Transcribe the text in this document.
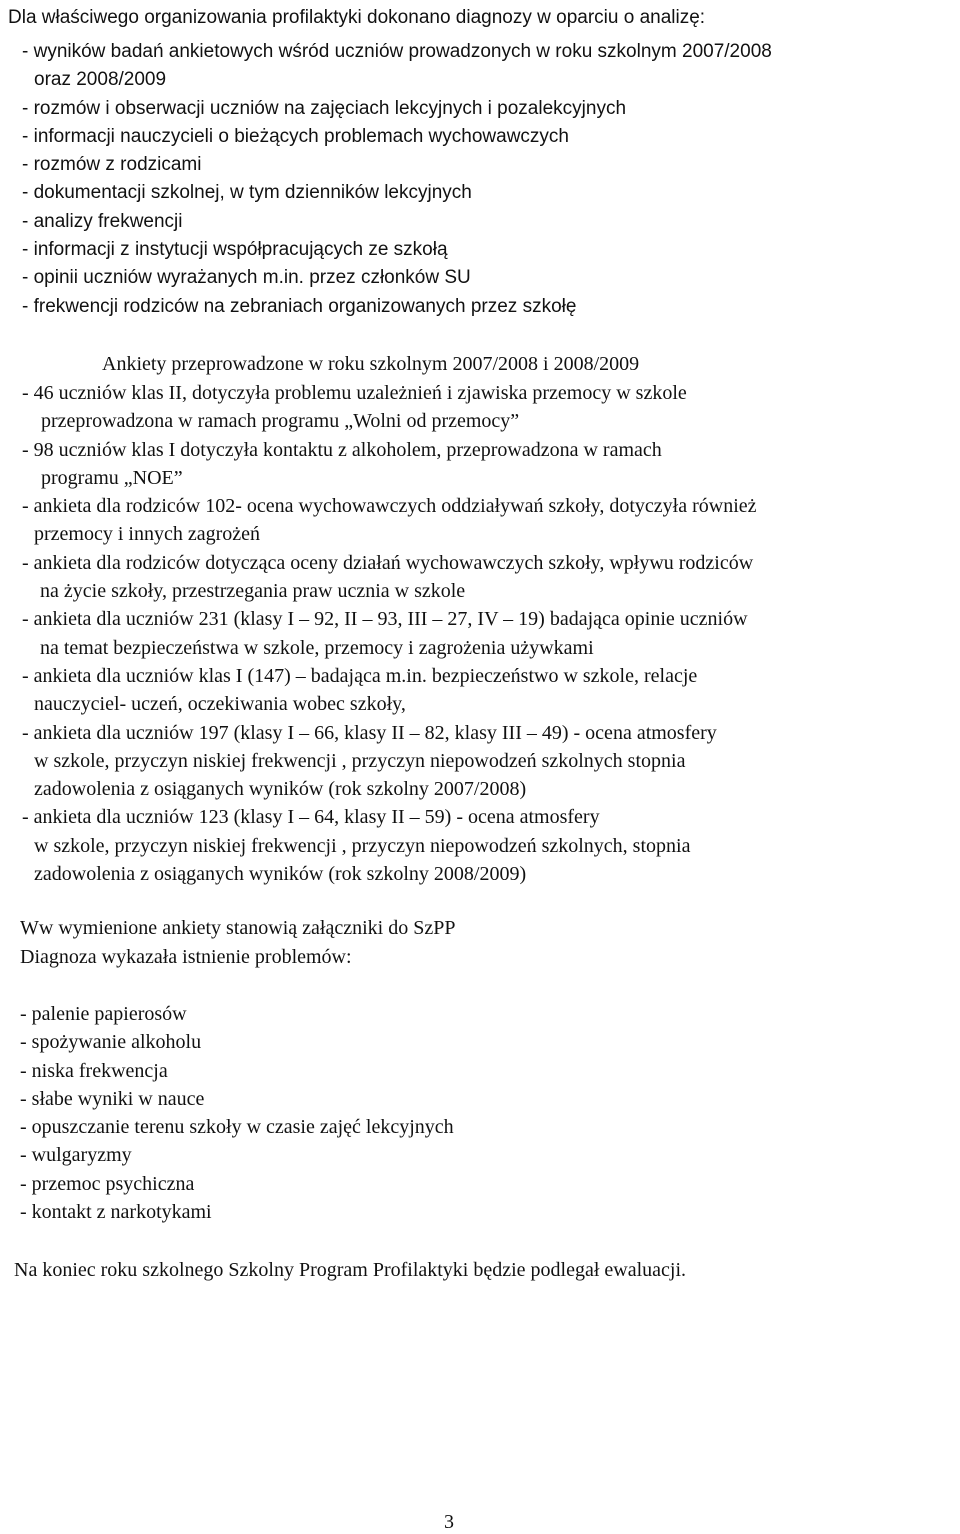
Dla właściwego organizowania profilaktyki dokonano diagnozy w oparciu o analizę:
- wyników badań ankietowych wśród uczniów prowadzonych w roku szkolnym 2007/2008
oraz 2008/2009
- rozmów i obserwacji uczniów na zajęciach lekcyjnych i pozalekcyjnych
- informacji nauczycieli o bieżących problemach wychowawczych
- rozmów z rodzicami
- dokumentacji szkolnej, w tym dzienników lekcyjnych
- analizy frekwencji
- informacji z instytucji współpracujących ze szkołą
- opinii uczniów wyrażanych m.in. przez członków SU
- frekwencji rodziców na zebraniach organizowanych przez szkołę
Ankiety przeprowadzone w roku szkolnym 2007/2008 i 2008/2009
- 46 uczniów klas II, dotyczyła problemu uzależnień i zjawiska przemocy w szkole
przeprowadzona w ramach programu „Wolni od przemocy”
- 98 uczniów klas I dotyczyła kontaktu z alkoholem, przeprowadzona w ramach
programu „NOE”
- ankieta dla rodziców 102- ocena wychowawczych oddziaływań szkoły, dotyczyła również
przemocy i innych zagrożeń
- ankieta dla rodziców dotycząca oceny działań wychowawczych szkoły, wpływu rodziców
na życie szkoły, przestrzegania praw ucznia w szkole
- ankieta dla uczniów 231 (klasy I – 92, II – 93, III – 27, IV – 19) badająca opinie uczniów
na temat bezpieczeństwa w szkole, przemocy i zagrożenia używkami
- ankieta dla uczniów klas I (147) – badająca m.in. bezpieczeństwo w szkole, relacje
nauczyciel- uczeń, oczekiwania wobec szkoły,
- ankieta dla uczniów 197 (klasy I – 66, klasy II – 82, klasy III – 49) - ocena atmosfery
w szkole, przyczyn niskiej frekwencji , przyczyn niepowodzeń szkolnych stopnia
zadowolenia z osiąganych wyników (rok szkolny 2007/2008)
- ankieta dla uczniów 123 (klasy I – 64, klasy II – 59) - ocena atmosfery
w szkole, przyczyn niskiej frekwencji , przyczyn niepowodzeń szkolnych, stopnia
zadowolenia z osiąganych wyników (rok szkolny 2008/2009)
Ww wymienione ankiety stanowią załączniki do SzPP
Diagnoza wykazała istnienie problemów:
- palenie papierosów
- spożywanie alkoholu
- niska frekwencja
- słabe wyniki w nauce
- opuszczanie terenu szkoły w czasie zajęć lekcyjnych
- wulgaryzmy
- przemoc psychiczna
- kontakt z narkotykami
Na koniec roku szkolnego Szkolny Program Profilaktyki będzie podlegał ewaluacji.
3
